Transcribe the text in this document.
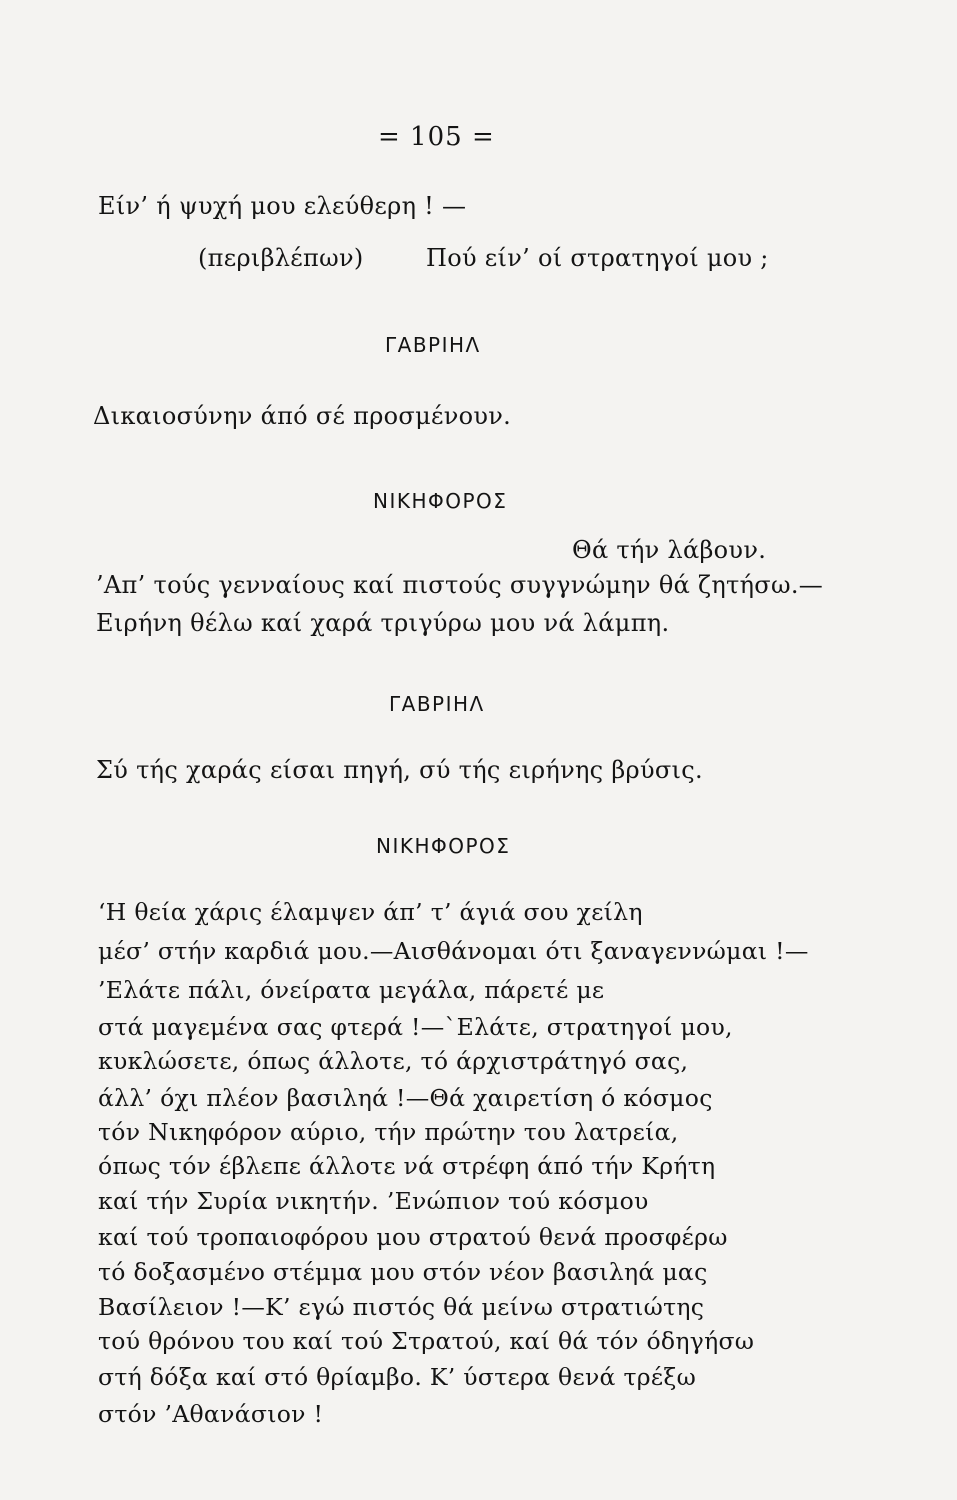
= 105 =
Είν’ ή ψυχή μου ελεύθερη ! —
(περιβλέπων)	Πού είν’ οί στρατηγοί μου ;
ΓΑΒΡΙΗΛ
Δικαιοσύνην άπό σέ προσμένουν.
ΝΙΚΗΦΟΡΟΣ
Θά τήν λάβουν.
’Απ’ τούς γενναίους καί πιστούς συγγνώμην θά ζητήσω.—
Ειρήνη θέλω καί χαρά τριγύρω μου νά λάμπη.
ΓΑΒΡΙΗΛ
Σύ τής χαράς είσαι πηγή, σύ τής ειρήνης βρύσις.
ΝΙΚΗΦΟΡΟΣ
‘Η θεία χάρις έλαμψεν άπ’ τ’ άγιά σου χείλη
μέσ’ στήν καρδιά μου.—Αισθάνομαι ότι ξαναγεννώμαι !—
’Ελάτε πάλι, όνείρατα μεγάλα, πάρετέ με
στά μαγεμένα σας φτερά !—`Ελάτε, στρατηγοί μου,
κυκλώσετε, όπως άλλοτε, τό άρχιστράτηγό σας,
άλλ’ όχι πλέον βασιληά !—Θά χαιρετίση ό κόσμος
τόν Νικηφόρον αύριο, τήν πρώτην του λατρεία,
όπως τόν έβλεπε άλλοτε νά στρέφη άπό τήν Κρήτη
καί τήν Συρία νικητήν. ’Ενώπιον τού κόσμου
καί τού τροπαιοφόρου μου στρατού θενά προσφέρω
τό δοξασμένο στέμμα μου στόν νέον βασιληά μας
Βασίλειον !—Κ’ εγώ πιστός θά μείνω στρατιώτης
τού θρόνου του καί τού Στρατού, καί θά τόν όδηγήσω
στή δόξα καί στό θρίαμβο. Κ’ ύστερα θενά τρέξω
στόν ’Αθανάσιον !
